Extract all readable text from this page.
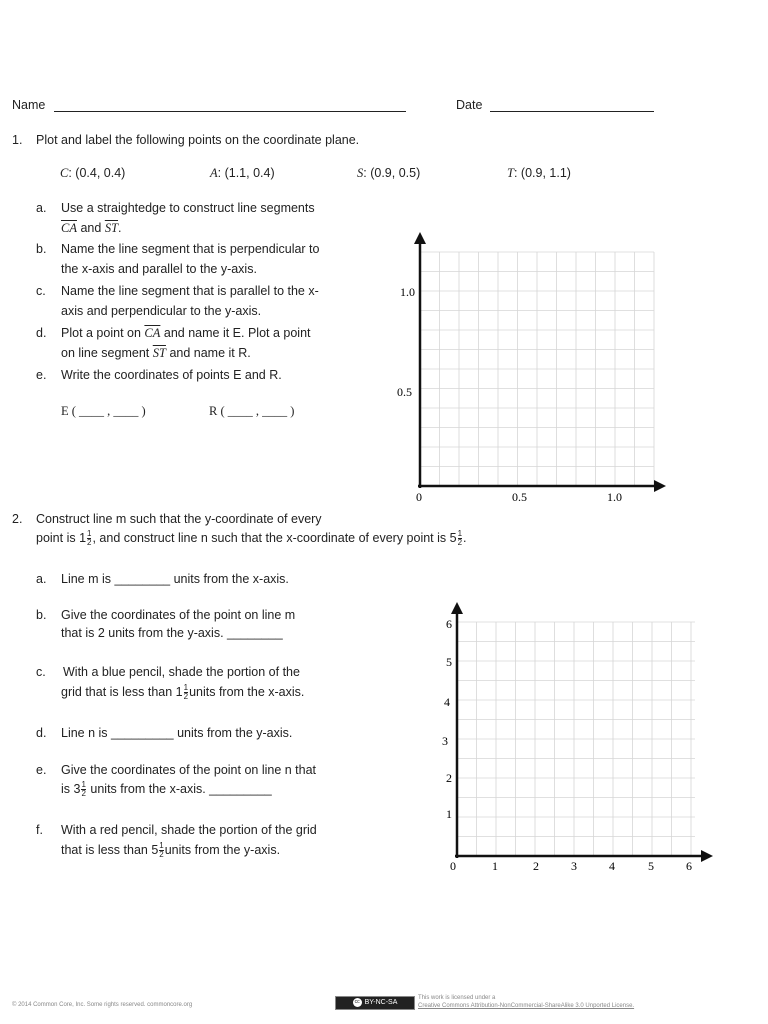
Name	Date
1. Plot and label the following points on the coordinate plane.
C: (0.4, 0.4)	A: (1.1, 0.4)	S: (0.9, 0.5)	T: (0.9, 1.1)
a. Use a straightedge to construct line segments
$\overline{CA}$ and $\overline{ST}$.
b. Name the line segment that is perpendicular to
the x-axis and parallel to the y-axis.
c. Name the line segment that is parallel to the x-
axis and perpendicular to the y-axis.
d. Plot a point on $\overline{CA}$ and name it E. Plot a point
on line segment $\overline{ST}$ and name it R.
e. Write the coordinates of points E and R.
E ( ____ , ____ )	R ( ____ , ____ )
1.0
0.5
0	0.5	1.0
2. Construct line m such that the y-coordinate of every
point is $1 \frac{1}{2}$ , and construct line n such that the x-coordinate of every point is $5 \frac{1}{2}$ .
a. Line m is ________ units from the x-axis.
b. Give the coordinates of the point on line m
that is 2 units from the y-axis. ________
c. With a blue pencil, shade the portion of the
grid that is less than $1 \frac{1}{2}$ units from the x-axis.
d. Line n is _________ units from the y-axis.
e. Give the coordinates of the point on line n that
is $3 \frac{1}{2}$ units from the x-axis. _________
f. With a red pencil, shade the portion of the grid
that is less than $5 \frac{1}{2}$ units from the y-axis.
6
5
4
3
2
1
0	1	2	3	4	5	6
© 2014 Common Core, Inc. Some rights reserved. commoncore.org
cc BY-NC-SA
This work is licensed under a
Creative Commons Attribution-NonCommercial-ShareAlike 3.0 Unported License.
